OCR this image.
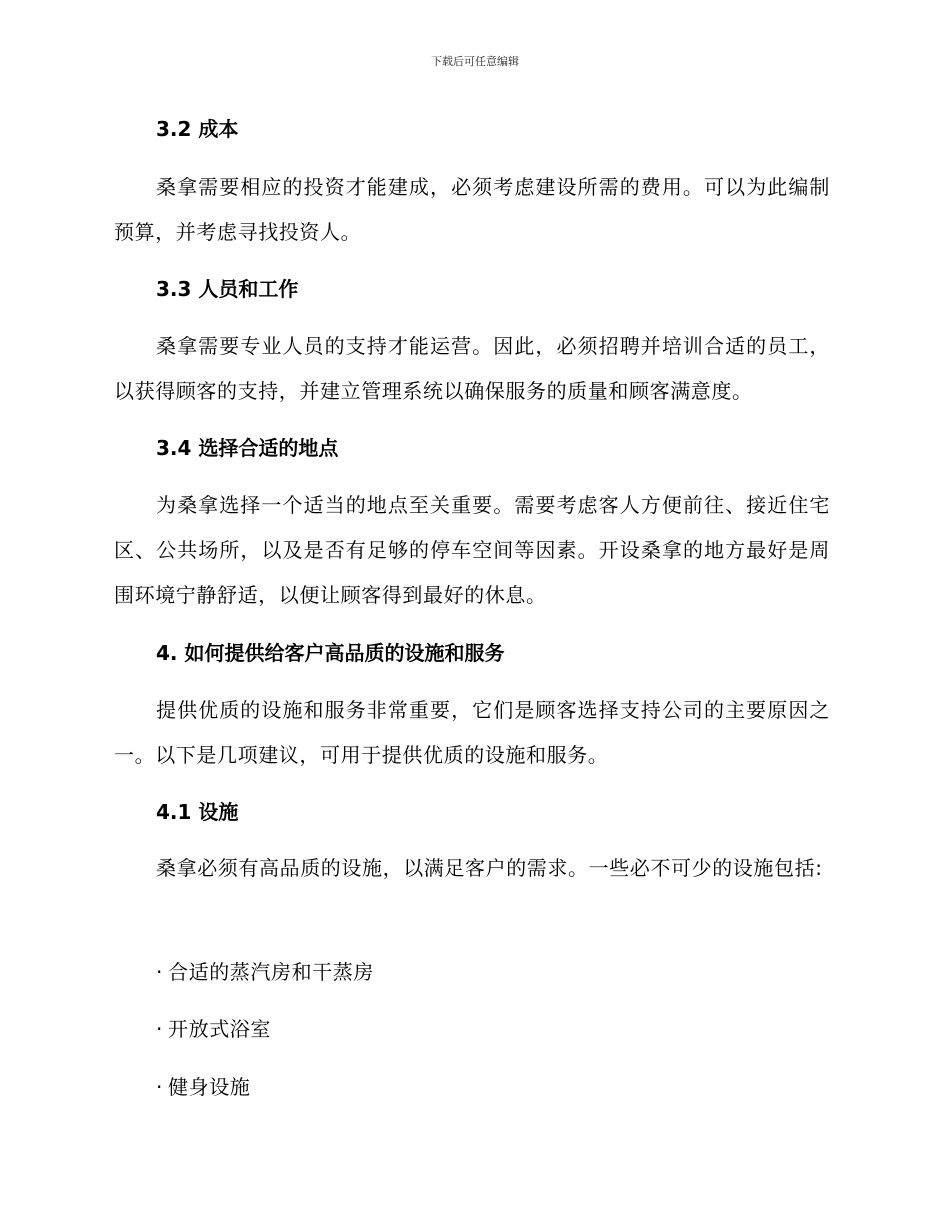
下载后可任意编辑
3.2 成本

桑拿需要相应的投资才能建成，必须考虑建设所需的费用。可以为此编制预算，并考虑寻找投资人。

3.3 人员和工作

桑拿需要专业人员的支持才能运营。因此，必须招聘并培训合适的员工，以获得顾客的支持，并建立管理系统以确保服务的质量和顾客满意度。

3.4 选择合适的地点

为桑拿选择一个适当的地点至关重要。需要考虑客人方便前往、接近住宅区、公共场所，以及是否有足够的停车空间等因素。开设桑拿的地方最好是周围环境宁静舒适，以便让顾客得到最好的休息。

4. 如何提供给客户高品质的设施和服务

提供优质的设施和服务非常重要，它们是顾客选择支持公司的主要原因之一。以下是几项建议，可用于提供优质的设施和服务。

4.1 设施

桑拿必须有高品质的设施，以满足客户的需求。一些必不可少的设施包括:

· 合适的蒸汽房和干蒸房
· 开放式浴室
· 健身设施
